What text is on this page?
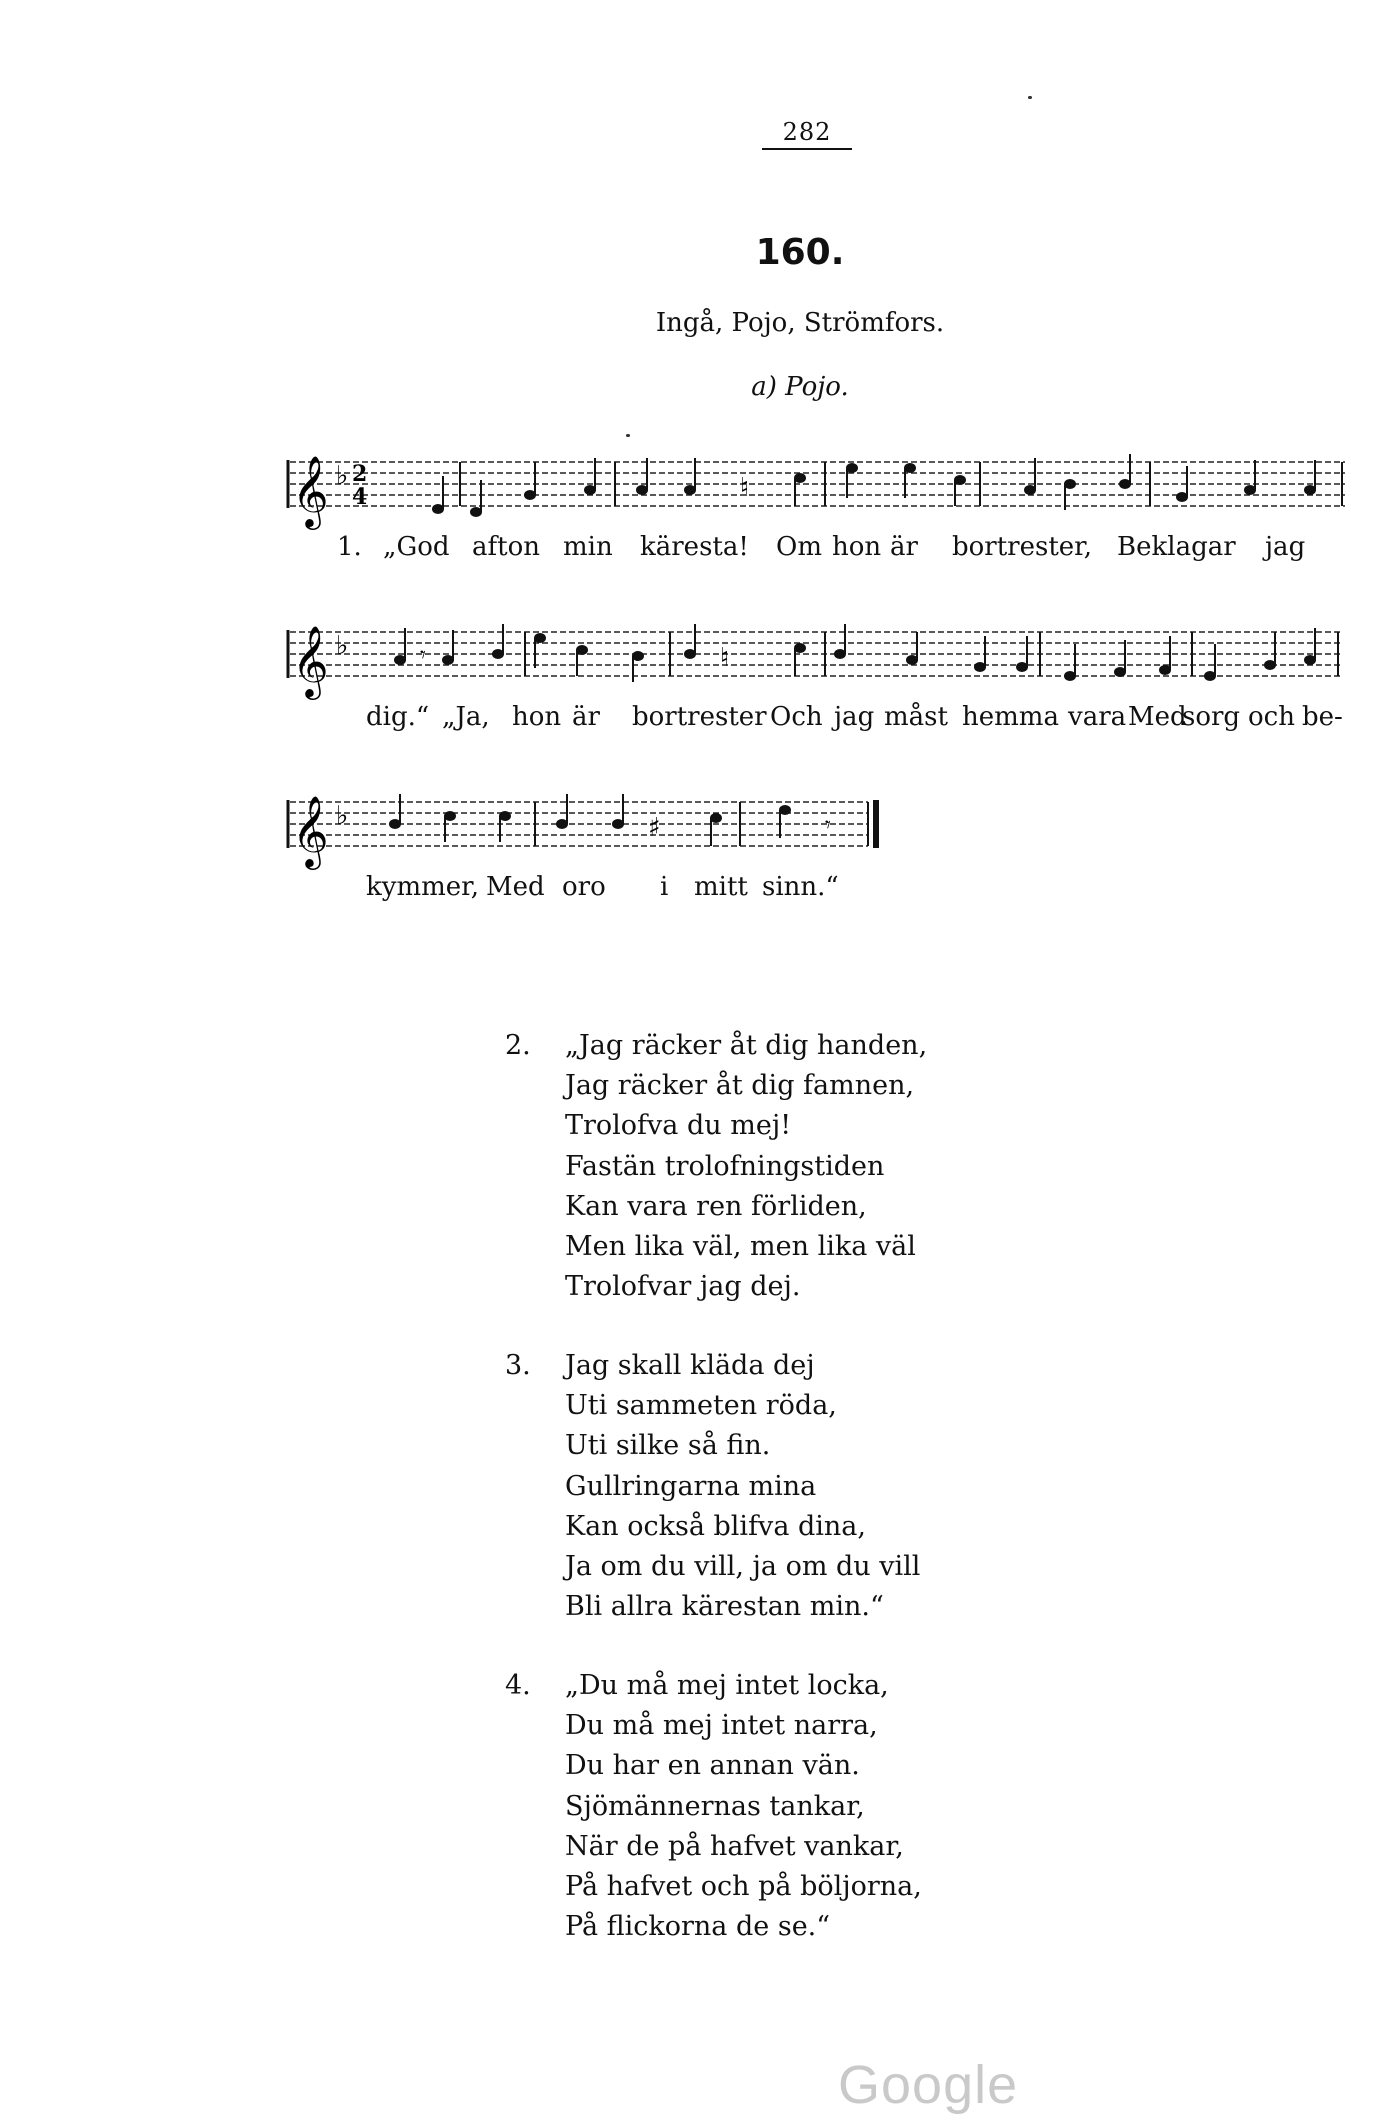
282
160.
Ingå, Pojo, Strömfors.
a) Pojo.
𝄞 ♭ 2
4	♮
1. „God afton min käresta! Om hon är bortrester, Beklagar jag
𝄞 ♭	♮
𝄾
dig.“ „Ja, hon är bortrester Och jag måst hemma vara Med
sorg och be-
𝄞 ♭	♯	𝄾
kymmer, Med oro i mitt sinn.“
2. „Jag räcker åt dig handen,
Jag räcker åt dig famnen,
Trolofva du mej!
Fastän trolofningstiden
Kan vara ren förliden,
Men lika väl, men lika väl
Trolofvar jag dej.
3. Jag skall kläda dej
Uti sammeten röda,
Uti silke så fin.
Gullringarna mina
Kan också blifva dina,
Ja om du vill, ja om du vill
Bli allra kärestan min.“
4. „Du må mej intet locka,
Du må mej intet narra,
Du har en annan vän.
Sjömännernas tankar,
När de på hafvet vankar,
På hafvet och på böljorna,
På flickorna de se.“
Google
